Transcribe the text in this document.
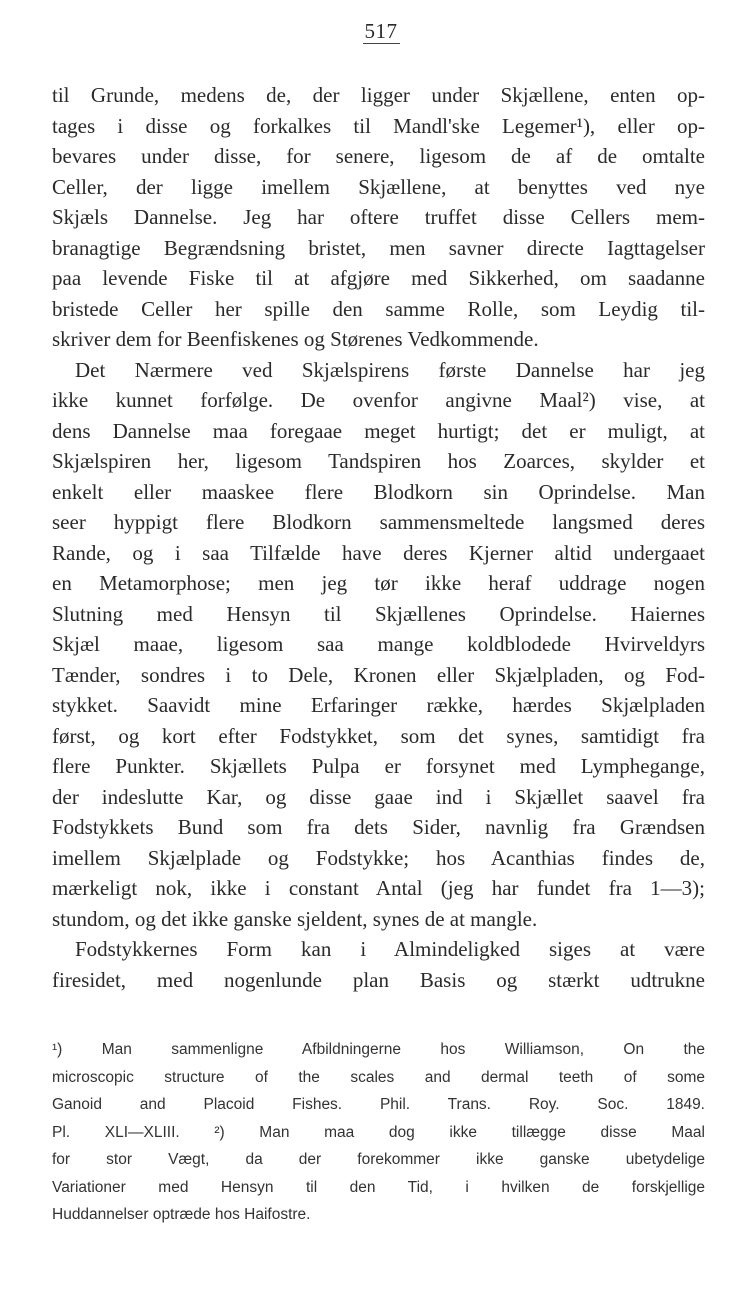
517
til Grunde, medens de, der ligger under Skjællene, enten op-
tages i disse og forkalkes til Mandl'ske Legemer¹), eller op-
bevares under disse, for senere, ligesom de af de omtalte
Celler, der ligge imellem Skjællene, at benyttes ved nye
Skjæls Dannelse. Jeg har oftere truffet disse Cellers mem-
branagtige Begrændsning bristet, men savner directe Iagttagelser
paa levende Fiske til at afgjøre med Sikkerhed, om saadanne
bristede Celler her spille den samme Rolle, som Leydig til-
skriver dem for Beenfiskenes og Størenes Vedkommende.
Det Nærmere ved Skjælspirens første Dannelse har jeg
ikke kunnet forfølge. De ovenfor angivne Maal²) vise, at
dens Dannelse maa foregaae meget hurtigt; det er muligt, at
Skjælspiren her, ligesom Tandspiren hos Zoarces, skylder et
enkelt eller maaskee flere Blodkorn sin Oprindelse. Man
seer hyppigt flere Blodkorn sammensmeltede langsmed deres
Rande, og i saa Tilfælde have deres Kjerner altid undergaaet
en Metamorphose; men jeg tør ikke heraf uddrage nogen
Slutning med Hensyn til Skjællenes Oprindelse. Haiernes
Skjæl maae, ligesom saa mange koldblodede Hvirveldyrs
Tænder, sondres i to Dele, Kronen eller Skjælpladen, og Fod-
stykket. Saavidt mine Erfaringer række, hærdes Skjælpladen
først, og kort efter Fodstykket, som det synes, samtidigt fra
flere Punkter. Skjællets Pulpa er forsynet med Lymphegange,
der indeslutte Kar, og disse gaae ind i Skjællet saavel fra
Fodstykkets Bund som fra dets Sider, navnlig fra Grændsen
imellem Skjælplade og Fodstykke; hos Acanthias findes de,
mærkeligt nok, ikke i constant Antal (jeg har fundet fra 1—3);
stundom, og det ikke ganske sjeldent, synes de at mangle.
Fodstykkernes Form kan i Almindeligked siges at være
firesidet, med nogenlunde plan Basis og stærkt udtrukne
¹) Man sammenligne Afbildningerne hos Williamson, On the
microscopic structure of the scales and dermal teeth of some
Ganoid and Placoid Fishes. Phil. Trans. Roy. Soc. 1849.
Pl. XLI—XLIII. ²) Man maa dog ikke tillægge disse Maal
for stor Vægt, da der forekommer ikke ganske ubetydelige
Variationer med Hensyn til den Tid, i hvilken de forskjellige
Huddannelser optræde hos Haifostre.
